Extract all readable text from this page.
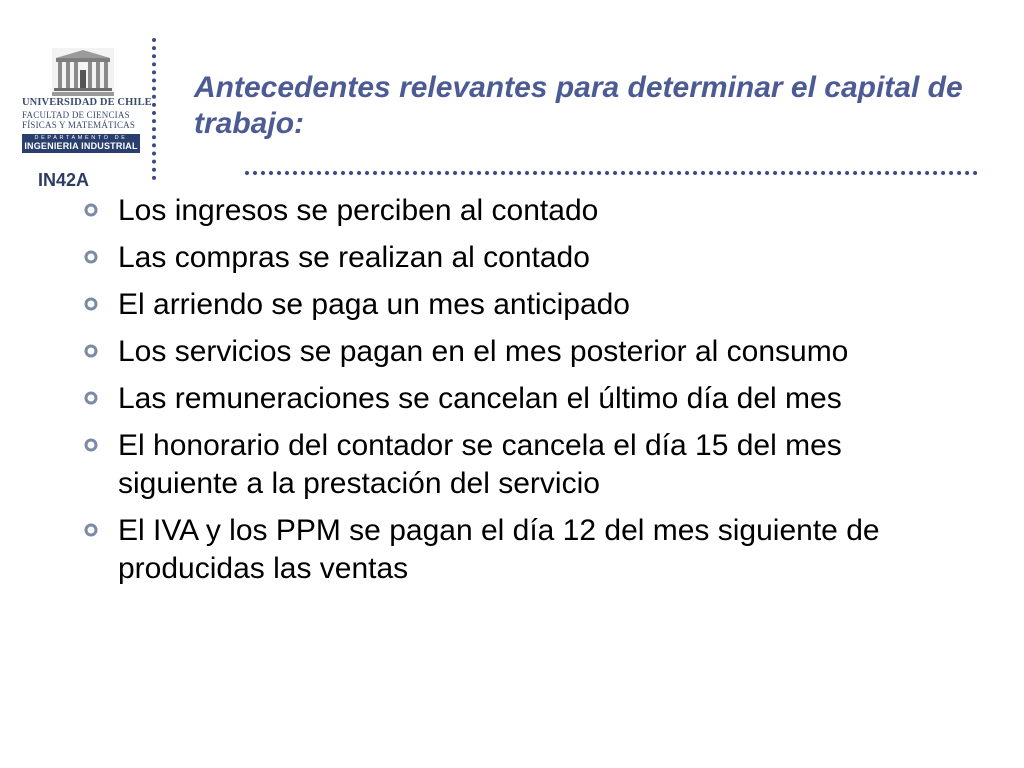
UNIVERSIDAD DE CHILE
FACULTAD DE CIENCIAS
FÍSICAS Y MATEMÁTICAS
DEPARTAMENTO DE
INGENIERIA INDUSTRIAL
IN42A
Antecedentes relevantes para determinar el capital de trabajo:
Los ingresos se perciben al contado
Las compras se realizan al contado
El arriendo se paga un mes anticipado
Los servicios se pagan en el mes posterior al consumo
Las remuneraciones se cancelan el último día del mes
El honorario del contador se cancela el día 15 del mes siguiente a la prestación del servicio
El IVA y los PPM se pagan el día 12 del mes siguiente de producidas las ventas
